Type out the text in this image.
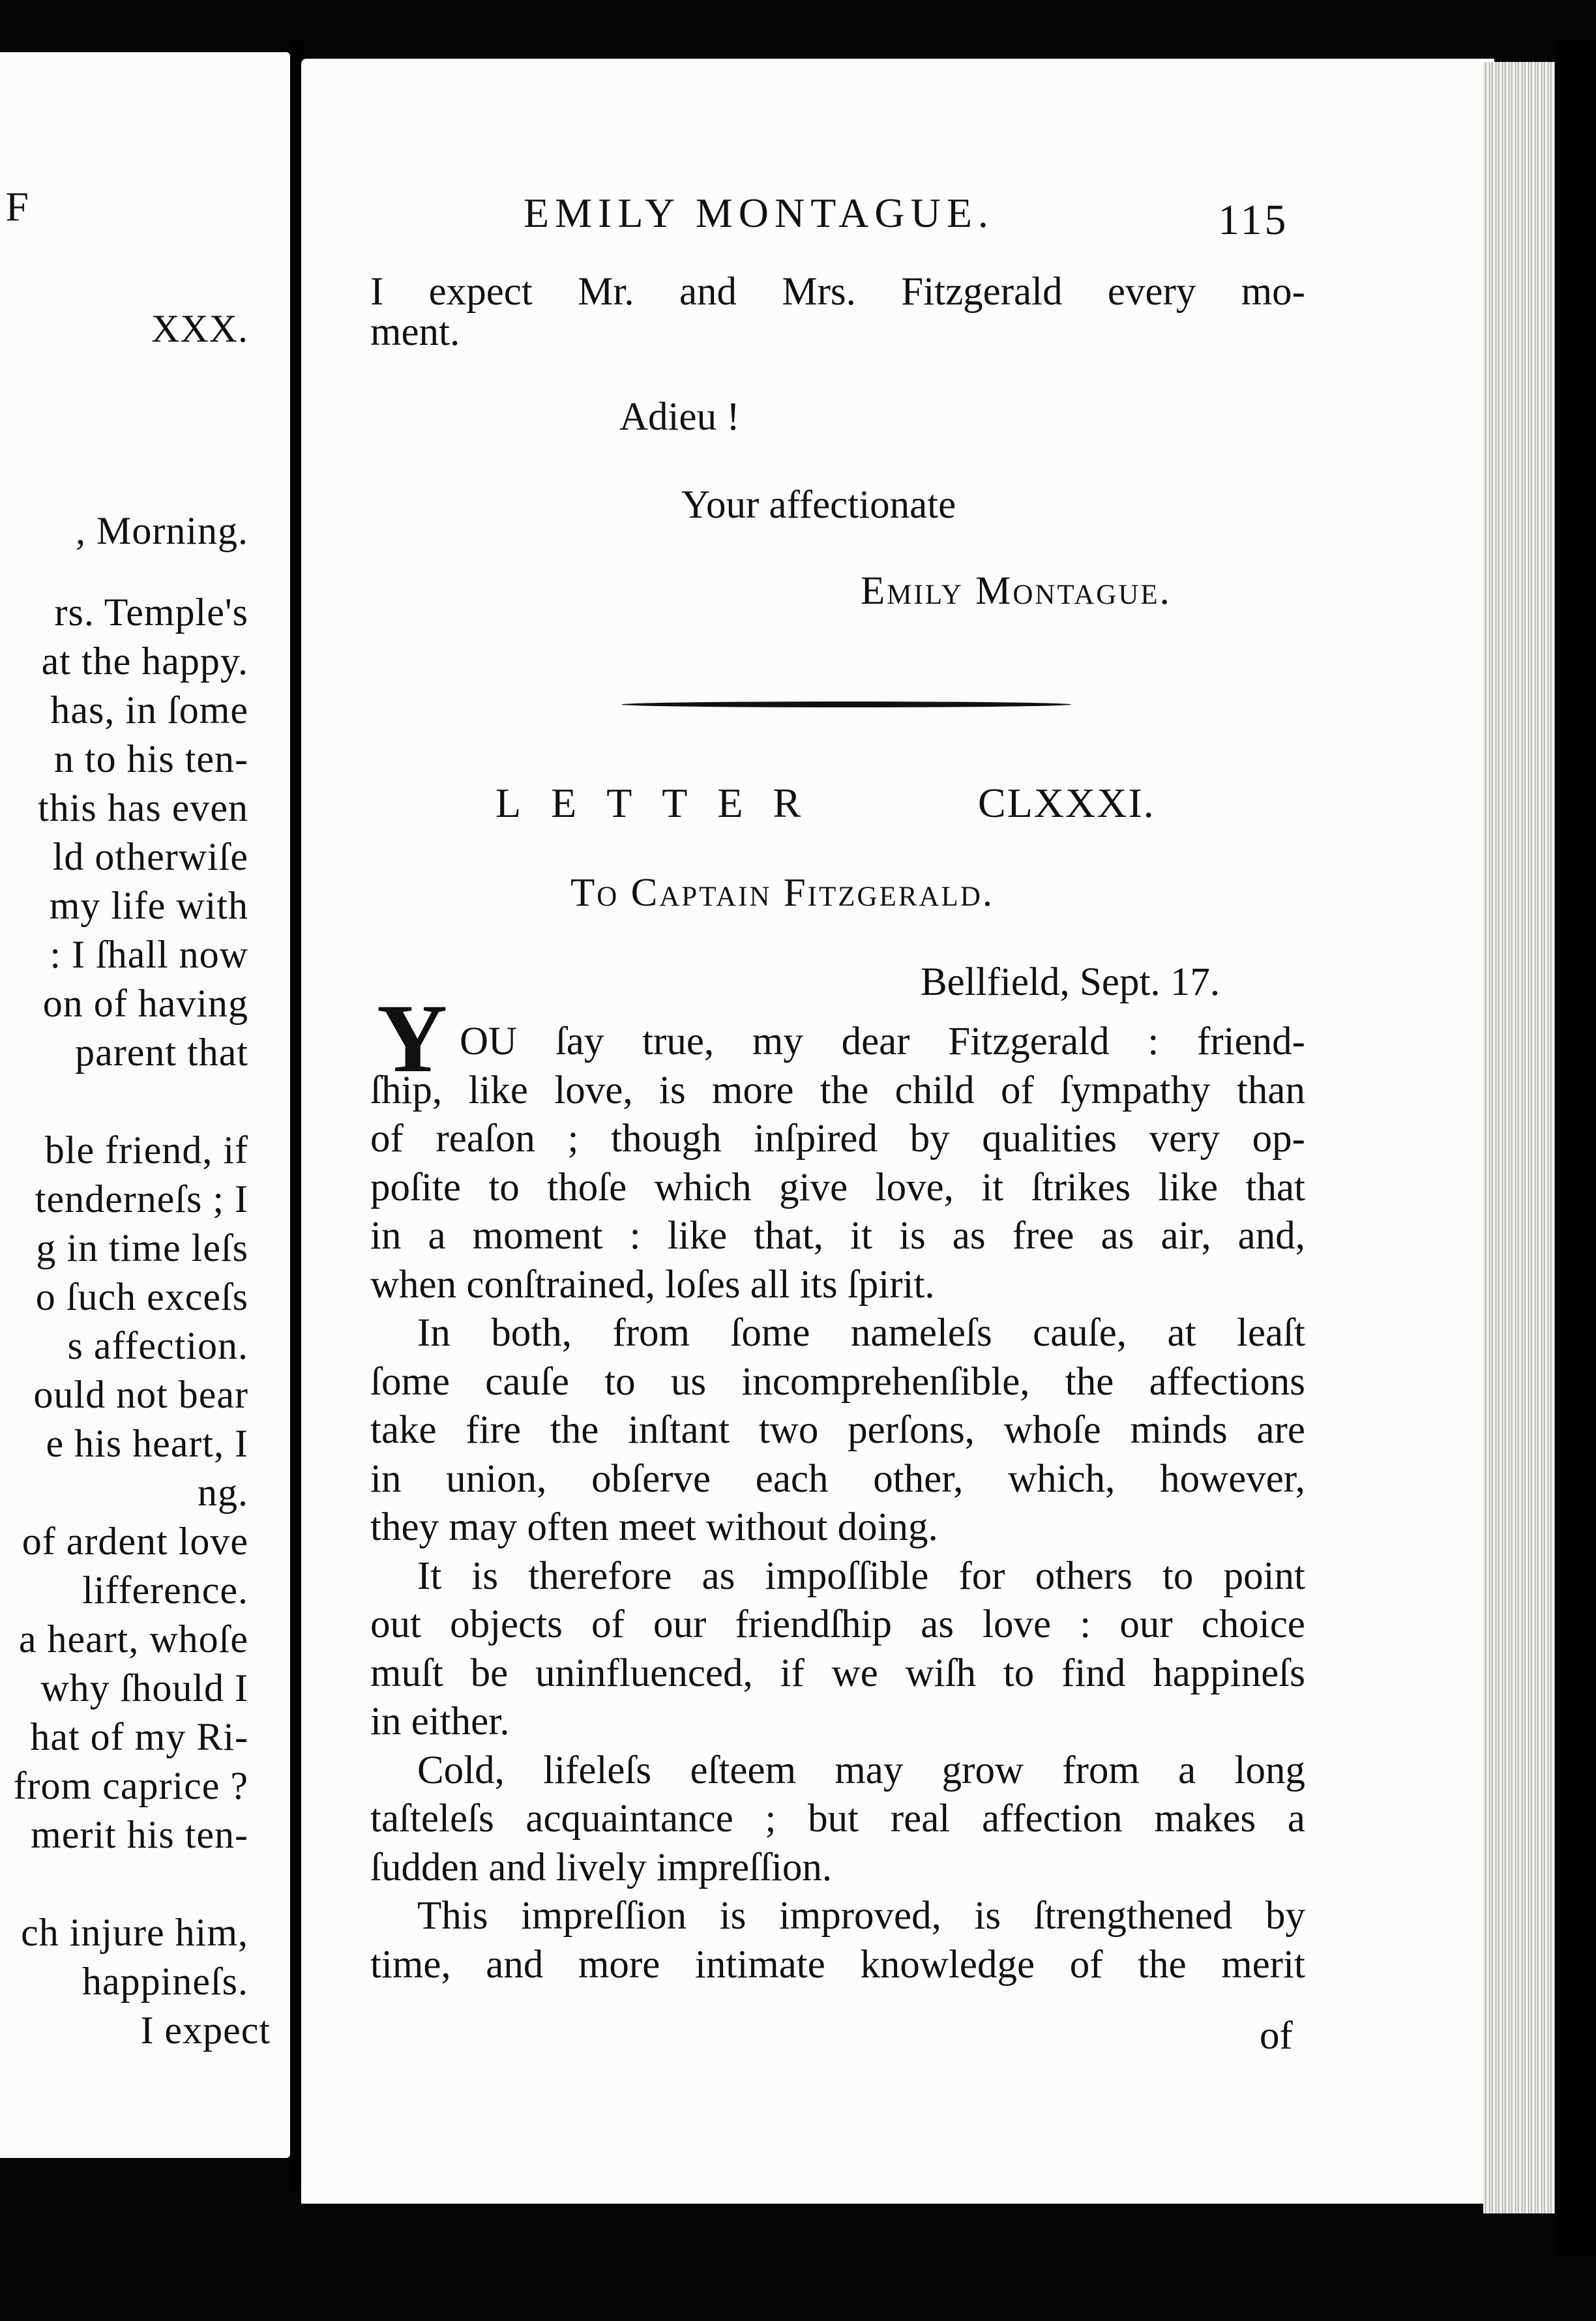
F
XXX.
, Morning.
rs. Temple's
at the happy.
has, in ſome
n to his ten-
this has even
ld otherwiſe
my life with
: I ſhall now
on of having
parent that
ble friend, if
tenderneſs ; I
g in time leſs
o ſuch exceſs
s affection.
ould not bear
e his heart, I
ng.
of ardent love
lifference.
a heart, whoſe
why ſhould I
hat of my Ri-
from caprice ?
merit his ten-
ch injure him,
happineſs.
I expect
EMILY MONTAGUE.	115
I expect Mr. and Mrs. Fitzgerald every mo-
ment.
Adieu !
Your affectionate
Emily Montague.
LETTER	CLXXXI.
To Captain Fitzgerald.
Bellfield, Sept. 17.
Y OU ſay true, my dear Fitzgerald : friend-
ſhip, like love, is more the child of ſympathy than
of reaſon ; though inſpired by qualities very op-
poſite to thoſe which give love, it ſtrikes like that
in a moment : like that, it is as free as air, and,
when conſtrained, loſes all its ſpirit.
In both, from ſome nameleſs cauſe, at leaſt
ſome cauſe to us incomprehenſible, the affections
take fire the inſtant two perſons, whoſe minds are
in union, obſerve each other, which, however,
they may often meet without doing.
It is therefore as impoſſible for others to point
out objects of our friendſhip as love : our choice
muſt be uninfluenced, if we wiſh to find happineſs
in either.
Cold, lifeleſs eſteem may grow from a long
taſteleſs acquaintance ; but real affection makes a
ſudden and lively impreſſion.
This impreſſion is improved, is ſtrengthened by
time, and more intimate knowledge of the merit
of
